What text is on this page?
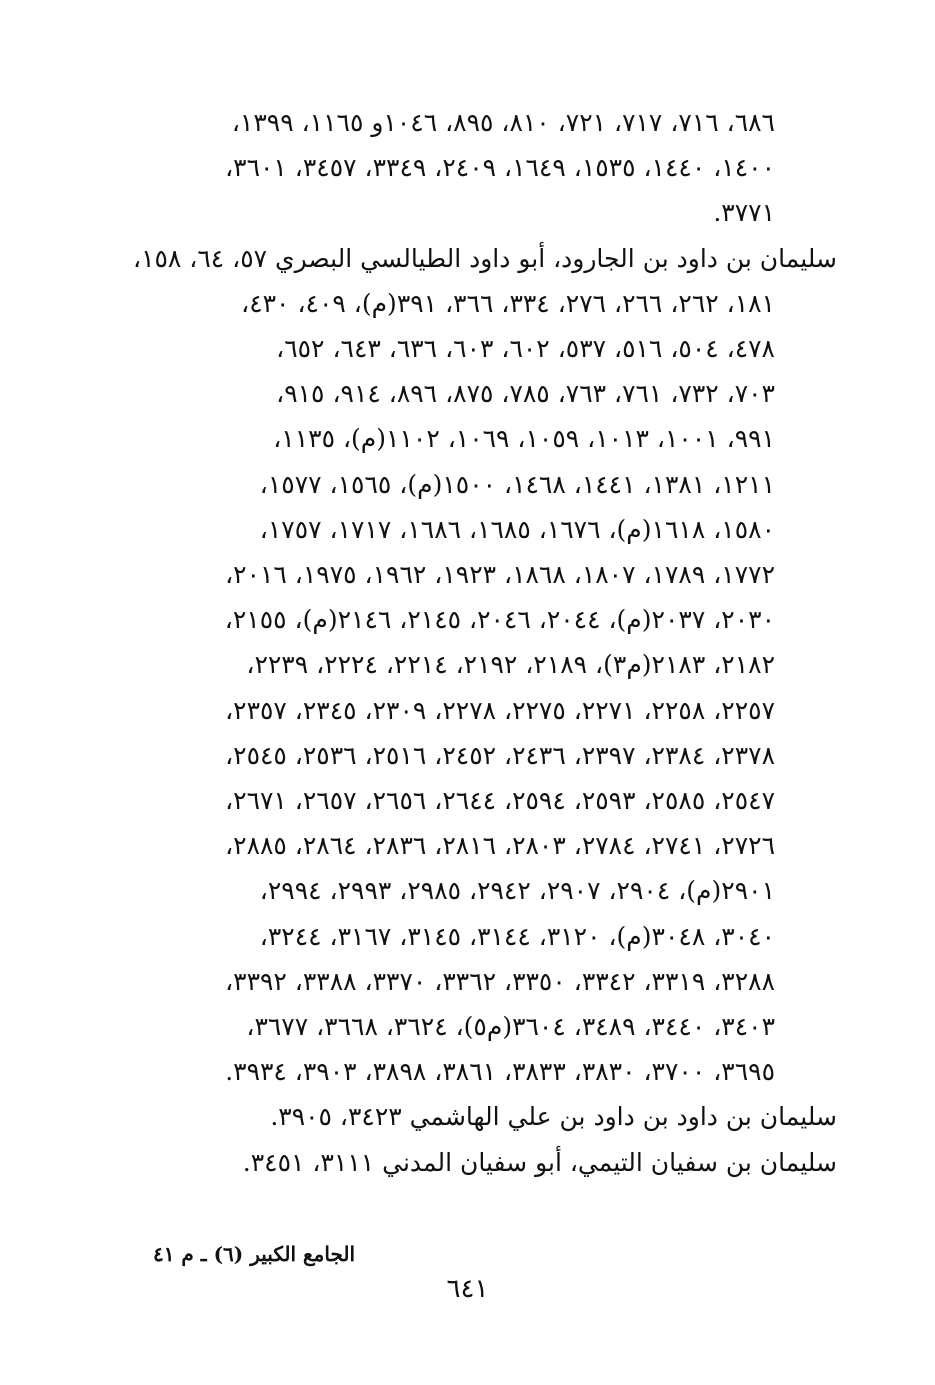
٦٨٦، ٧١٦، ٧١٧، ٧٢١، ٨١٠، ٨٩٥، ١٠٤٦و ١١٦٥، ١٣٩٩،
١٤٠٠، ١٤٤٠، ١٥٣٥، ١٦٤٩، ٢٤٠٩، ٣٣٤٩، ٣٤٥٧، ٣٦٠١،
٣٧٧١.
سليمان بن داود بن الجارود، أبو داود الطيالسي البصري ٥٧، ٦٤، ١٥٨،
١٨١، ٢٦٢، ٢٦٦، ٢٧٦، ٣٣٤، ٣٦٦، ٣٩١(م)، ٤٠٩، ٤٣٠،
٤٧٨، ٥٠٤، ٥١٦، ٥٣٧، ٦٠٢، ٦٠٣، ٦٣٦، ٦٤٣، ٦٥٢،
٧٠٣، ٧٣٢، ٧٦١، ٧٦٣، ٧٨٥، ٨٧٥، ٨٩٦، ٩١٤، ٩١٥،
٩٩١، ١٠٠١، ١٠١٣، ١٠٥٩، ١٠٦٩، ١١٠٢(م)، ١١٣٥،
١٢١١، ١٣٨١، ١٤٤١، ١٤٦٨، ١٥٠٠(م)، ١٥٦٥، ١٥٧٧،
١٥٨٠، ١٦١٨(م)، ١٦٧٦، ١٦٨٥، ١٦٨٦، ١٧١٧، ١٧٥٧،
١٧٧٢، ١٧٨٩، ١٨٠٧، ١٨٦٨، ١٩٢٣، ١٩٦٢، ١٩٧٥، ٢٠١٦،
٢٠٣٠، ٢٠٣٧(م)، ٢٠٤٤، ٢٠٤٦، ٢١٤٥، ٢١٤٦(م)، ٢١٥٥،
٢١٨٢، ٢١٨٣(م٣)، ٢١٨٩، ٢١٩٢، ٢٢١٤، ٢٢٢٤، ٢٢٣٩،
٢٢٥٧، ٢٢٥٨، ٢٢٧١، ٢٢٧٥، ٢٢٧٨، ٢٣٠٩، ٢٣٤٥، ٢٣٥٧،
٢٣٧٨، ٢٣٨٤، ٢٣٩٧، ٢٤٣٦، ٢٤٥٢، ٢٥١٦، ٢٥٣٦، ٢٥٤٥،
٢٥٤٧، ٢٥٨٥، ٢٥٩٣، ٢٥٩٤، ٢٦٤٤، ٢٦٥٦، ٢٦٥٧، ٢٦٧١،
٢٧٢٦، ٢٧٤١، ٢٧٨٤، ٢٨٠٣، ٢٨١٦، ٢٨٣٦، ٢٨٦٤، ٢٨٨٥،
٢٩٠١(م)، ٢٩٠٤، ٢٩٠٧، ٢٩٤٢، ٢٩٨٥، ٢٩٩٣، ٢٩٩٤،
٣٠٤٠، ٣٠٤٨(م)، ٣١٢٠، ٣١٤٤، ٣١٤٥، ٣١٦٧، ٣٢٤٤،
٣٢٨٨، ٣٣١٩، ٣٣٤٢، ٣٣٥٠، ٣٣٦٢، ٣٣٧٠، ٣٣٨٨، ٣٣٩٢،
٣٤٠٣، ٣٤٤٠، ٣٤٨٩، ٣٦٠٤(م٥)، ٣٦٢٤، ٣٦٦٨، ٣٦٧٧،
٣٦٩٥، ٣٧٠٠، ٣٨٣٠، ٣٨٣٣، ٣٨٦١، ٣٨٩٨، ٣٩٠٣، ٣٩٣٤.
سليمان بن داود بن داود بن علي الهاشمي ٣٤٢٣، ٣٩٠٥.
سليمان بن سفيان التيمي، أبو سفيان المدني ٣١١١، ٣٤٥١.
الجامع الكبير (٦) ـ م ٤١
٦٤١
